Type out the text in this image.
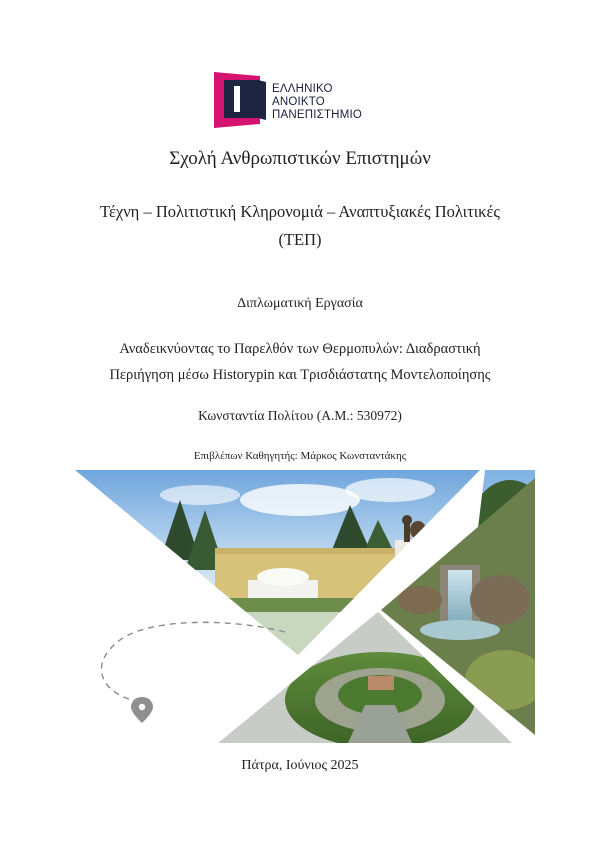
ΕΛΛΗΝΙΚΟ
ΑΝΟΙΚΤΟ
ΠΑΝΕΠΙΣΤΗΜΙΟ
Σχολή Ανθρωπιστικών Επιστημών
Τέχνη – Πολιτιστική Κληρονομιά – Αναπτυξιακές Πολιτικές
(ΤΕΠ)
Διπλωματική Εργασία
Αναδεικνύοντας το Παρελθόν των Θερμοπυλών: Διαδραστική
Περιήγηση μέσω Historypin και Τρισδιάστατης Μοντελοποίησης
Κωνσταντία Πολίτου (Α.Μ.: 530972)
Επιβλέπων Καθηγητής: Μάρκος Κωνσταντάκης
Πάτρα, Ιούνιος 2025
